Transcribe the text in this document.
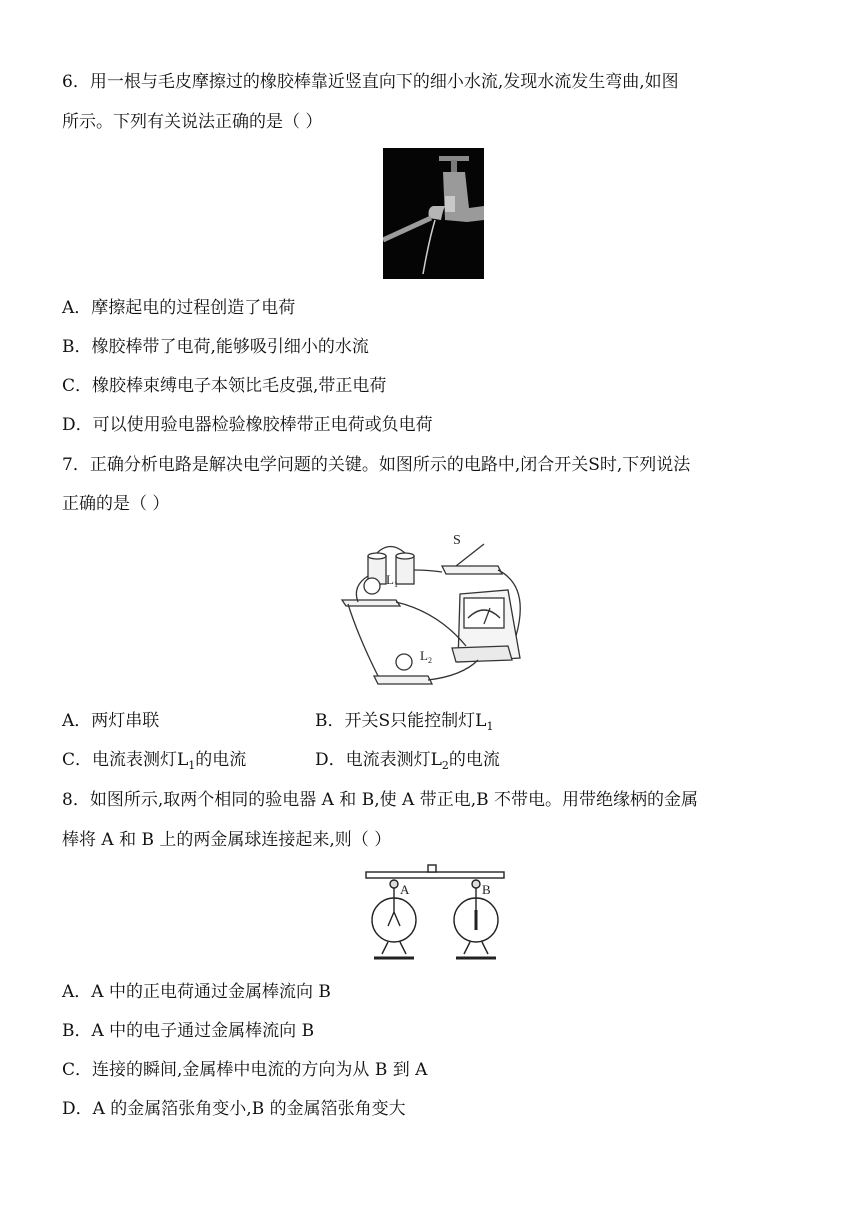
6．用一根与毛皮摩擦过的橡胶棒靠近竖直向下的细小水流,发现水流发生弯曲,如图
所示。下列有关说法正确的是（ ）
A．摩擦起电的过程创造了电荷
B．橡胶棒带了电荷,能够吸引细小的水流
C．橡胶棒束缚电子本领比毛皮强,带正电荷
D．可以使用验电器检验橡胶棒带正电荷或负电荷
7．正确分析电路是解决电学问题的关键。如图所示的电路中,闭合开关S时,下列说法
正确的是（ ）
S
L 1
L 2
A．两灯串联	B．开关S只能控制灯$L_1$
C．电流表测灯$L_1$的电流	D．电流表测灯$L_2$的电流
8．如图所示,取两个相同的验电器 A 和 B,使 A 带正电,B 不带电。用带绝缘柄的金属
棒将 A 和 B 上的两金属球连接起来,则（ ）
A	B
A．A 中的正电荷通过金属棒流向 B
B．A 中的电子通过金属棒流向 B
C．连接的瞬间,金属棒中电流的方向为从 B 到 A
D．A 的金属箔张角变小,B 的金属箔张角变大
